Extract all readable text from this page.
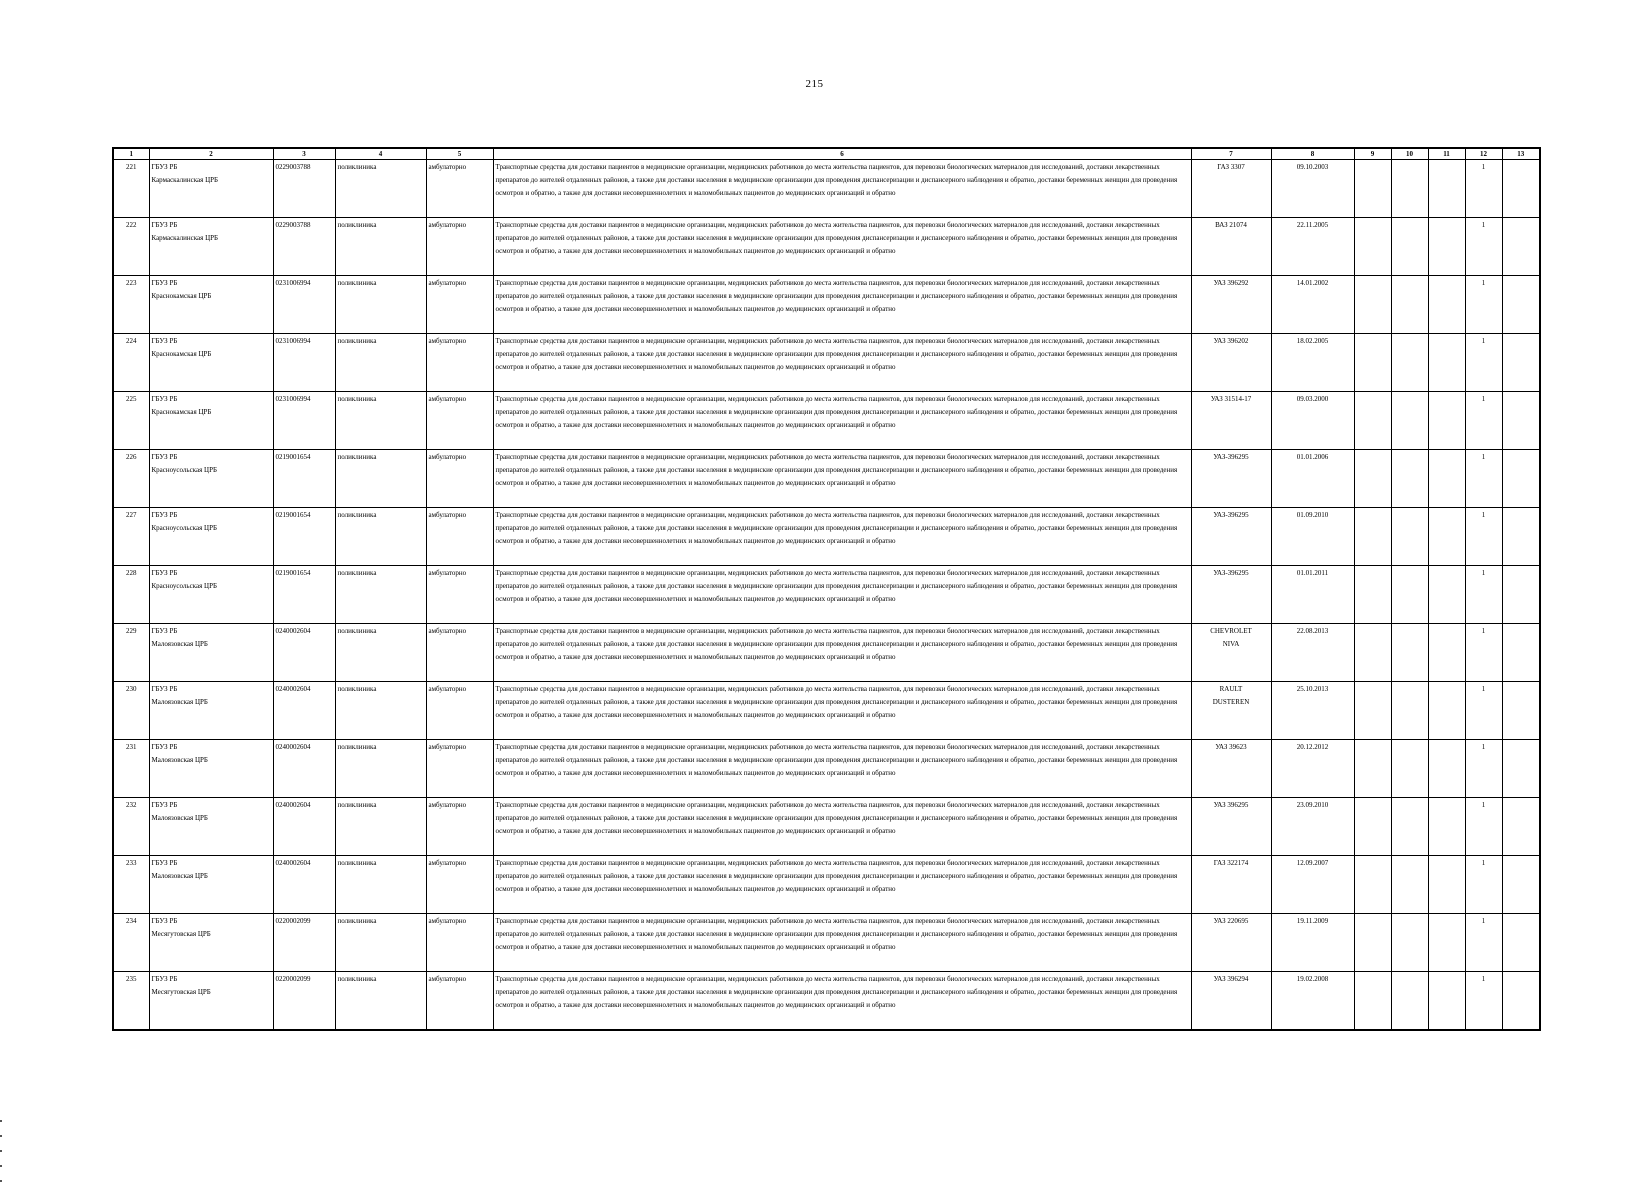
215
1	2	3	4	5	6	7	8	9	10	11	12	13
221	ГБУЗ РБ
Кармаскалинская ЦРБ	0229003788	поликлиника	амбулаторно	Транспортные средства для доставки пациентов в медицинские организации, медицинских работников до места жительства пациентов, для перевозки биологических материалов для исследований, доставки лекарственных препаратов до жителей отдаленных районов, а также для доставки населения в медицинские организации для проведения диспансеризации и диспансерного наблюдения и обратно, доставки беременных женщин для проведения осмотров и обратно, а также для доставки несовершеннолетних и маломобильных пациентов до медицинских организаций и обратно	ГАЗ 3307	09.10.2003				1	
222	ГБУЗ РБ
Кармаскалинская ЦРБ	0229003788	поликлиника	амбулаторно	Транспортные средства для доставки пациентов в медицинские организации, медицинских работников до места жительства пациентов, для перевозки биологических материалов для исследований, доставки лекарственных препаратов до жителей отдаленных районов, а также для доставки населения в медицинские организации для проведения диспансеризации и диспансерного наблюдения и обратно, доставки беременных женщин для проведения осмотров и обратно, а также для доставки несовершеннолетних и маломобильных пациентов до медицинских организаций и обратно	ВАЗ 21074	22.11.2005				1	
223	ГБУЗ РБ
Краснокамская ЦРБ	0231006994	поликлиника	амбулаторно	Транспортные средства для доставки пациентов в медицинские организации, медицинских работников до места жительства пациентов, для перевозки биологических материалов для исследований, доставки лекарственных препаратов до жителей отдаленных районов, а также для доставки населения в медицинские организации для проведения диспансеризации и диспансерного наблюдения и обратно, доставки беременных женщин для проведения осмотров и обратно, а также для доставки несовершеннолетних и маломобильных пациентов до медицинских организаций и обратно	УАЗ 396292	14.01.2002				1	
224	ГБУЗ РБ
Краснокамская ЦРБ	0231006994	поликлиника	амбулаторно	Транспортные средства для доставки пациентов в медицинские организации, медицинских работников до места жительства пациентов, для перевозки биологических материалов для исследований, доставки лекарственных препаратов до жителей отдаленных районов, а также для доставки населения в медицинские организации для проведения диспансеризации и диспансерного наблюдения и обратно, доставки беременных женщин для проведения осмотров и обратно, а также для доставки несовершеннолетних и маломобильных пациентов до медицинских организаций и обратно	УАЗ 396202	18.02.2005				1	
225	ГБУЗ РБ
Краснокамская ЦРБ	0231006994	поликлиника	амбулаторно	Транспортные средства для доставки пациентов в медицинские организации, медицинских работников до места жительства пациентов, для перевозки биологических материалов для исследований, доставки лекарственных препаратов до жителей отдаленных районов, а также для доставки населения в медицинские организации для проведения диспансеризации и диспансерного наблюдения и обратно, доставки беременных женщин для проведения осмотров и обратно, а также для доставки несовершеннолетних и маломобильных пациентов до медицинских организаций и обратно	УАЗ 31514-17	09.03.2000				1	
226	ГБУЗ РБ
Красноусольская ЦРБ	0219001654	поликлиника	амбулаторно	Транспортные средства для доставки пациентов в медицинские организации, медицинских работников до места жительства пациентов, для перевозки биологических материалов для исследований, доставки лекарственных препаратов до жителей отдаленных районов, а также для доставки населения в медицинские организации для проведения диспансеризации и диспансерного наблюдения и обратно, доставки беременных женщин для проведения осмотров и обратно, а также для доставки несовершеннолетних и маломобильных пациентов до медицинских организаций и обратно	УАЗ-396295	01.01.2006				1	
227	ГБУЗ РБ
Красноусольская ЦРБ	0219001654	поликлиника	амбулаторно	Транспортные средства для доставки пациентов в медицинские организации, медицинских работников до места жительства пациентов, для перевозки биологических материалов для исследований, доставки лекарственных препаратов до жителей отдаленных районов, а также для доставки населения в медицинские организации для проведения диспансеризации и диспансерного наблюдения и обратно, доставки беременных женщин для проведения осмотров и обратно, а также для доставки несовершеннолетних и маломобильных пациентов до медицинских организаций и обратно	УАЗ-396295	01.09.2010				1	
228	ГБУЗ РБ
Красноусольская ЦРБ	0219001654	поликлиника	амбулаторно	Транспортные средства для доставки пациентов в медицинские организации, медицинских работников до места жительства пациентов, для перевозки биологических материалов для исследований, доставки лекарственных препаратов до жителей отдаленных районов, а также для доставки населения в медицинские организации для проведения диспансеризации и диспансерного наблюдения и обратно, доставки беременных женщин для проведения осмотров и обратно, а также для доставки несовершеннолетних и маломобильных пациентов до медицинских организаций и обратно	УАЗ-396295	01.01.2011				1	
229	ГБУЗ РБ
Малоязовская ЦРБ	0240002604	поликлиника	амбулаторно	Транспортные средства для доставки пациентов в медицинские организации, медицинских работников до места жительства пациентов, для перевозки биологических материалов для исследований, доставки лекарственных препаратов до жителей отдаленных районов, а также для доставки населения в медицинские организации для проведения диспансеризации и диспансерного наблюдения и обратно, доставки беременных женщин для проведения осмотров и обратно, а также для доставки несовершеннолетних и маломобильных пациентов до медицинских организаций и обратно	CHEVROLET
NIVA	22.08.2013				1	
230	ГБУЗ РБ
Малоязовская ЦРБ	0240002604	поликлиника	амбулаторно	Транспортные средства для доставки пациентов в медицинские организации, медицинских работников до места жительства пациентов, для перевозки биологических материалов для исследований, доставки лекарственных препаратов до жителей отдаленных районов, а также для доставки населения в медицинские организации для проведения диспансеризации и диспансерного наблюдения и обратно, доставки беременных женщин для проведения осмотров и обратно, а также для доставки несовершеннолетних и маломобильных пациентов до медицинских организаций и обратно	RAULT
DUSTEREN	25.10.2013				1	
231	ГБУЗ РБ
Малоязовская ЦРБ	0240002604	поликлиника	амбулаторно	Транспортные средства для доставки пациентов в медицинские организации, медицинских работников до места жительства пациентов, для перевозки биологических материалов для исследований, доставки лекарственных препаратов до жителей отдаленных районов, а также для доставки населения в медицинские организации для проведения диспансеризации и диспансерного наблюдения и обратно, доставки беременных женщин для проведения осмотров и обратно, а также для доставки несовершеннолетних и маломобильных пациентов до медицинских организаций и обратно	УАЗ 39623	20.12.2012				1	
232	ГБУЗ РБ
Малоязовская ЦРБ	0240002604	поликлиника	амбулаторно	Транспортные средства для доставки пациентов в медицинские организации, медицинских работников до места жительства пациентов, для перевозки биологических материалов для исследований, доставки лекарственных препаратов до жителей отдаленных районов, а также для доставки населения в медицинские организации для проведения диспансеризации и диспансерного наблюдения и обратно, доставки беременных женщин для проведения осмотров и обратно, а также для доставки несовершеннолетних и маломобильных пациентов до медицинских организаций и обратно	УАЗ 396295	23.09.2010				1	
233	ГБУЗ РБ
Малоязовская ЦРБ	0240002604	поликлиника	амбулаторно	Транспортные средства для доставки пациентов в медицинские организации, медицинских работников до места жительства пациентов, для перевозки биологических материалов для исследований, доставки лекарственных препаратов до жителей отдаленных районов, а также для доставки населения в медицинские организации для проведения диспансеризации и диспансерного наблюдения и обратно, доставки беременных женщин для проведения осмотров и обратно, а также для доставки несовершеннолетних и маломобильных пациентов до медицинских организаций и обратно	ГАЗ 322174	12.09.2007				1	
234	ГБУЗ РБ
Месягутовская ЦРБ	0220002099	поликлиника	амбулаторно	Транспортные средства для доставки пациентов в медицинские организации, медицинских работников до места жительства пациентов, для перевозки биологических материалов для исследований, доставки лекарственных препаратов до жителей отдаленных районов, а также для доставки населения в медицинские организации для проведения диспансеризации и диспансерного наблюдения и обратно, доставки беременных женщин для проведения осмотров и обратно, а также для доставки несовершеннолетних и маломобильных пациентов до медицинских организаций и обратно	УАЗ 220695	19.11.2009				1	
235	ГБУЗ РБ
Месягутовская ЦРБ	0220002099	поликлиника	амбулаторно	Транспортные средства для доставки пациентов в медицинские организации, медицинских работников до места жительства пациентов, для перевозки биологических материалов для исследований, доставки лекарственных препаратов до жителей отдаленных районов, а также для доставки населения в медицинские организации для проведения диспансеризации и диспансерного наблюдения и обратно, доставки беременных женщин для проведения осмотров и обратно, а также для доставки несовершеннолетних и маломобильных пациентов до медицинских организаций и обратно	УАЗ 396294	19.02.2008				1	
